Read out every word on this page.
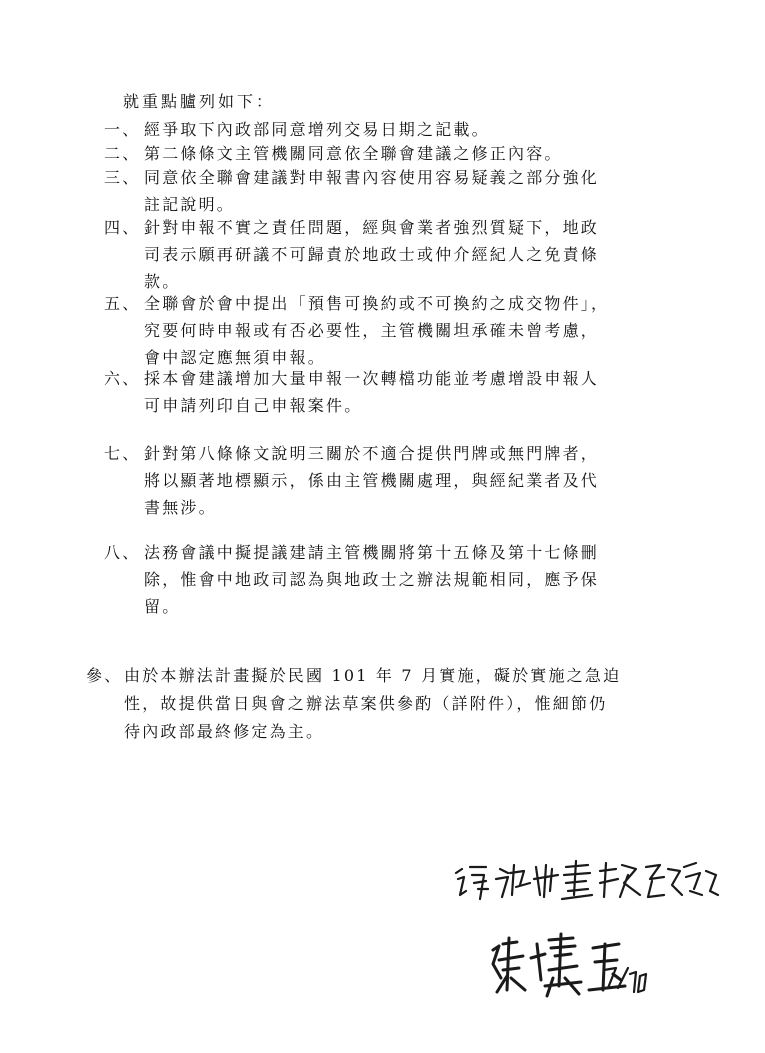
就重點臚列如下：
一、 經爭取下內政部同意增列交易日期之記載。
二、 第二條條文主管機關同意依全聯會建議之修正內容。
三、 同意依全聯會建議對申報書內容使用容易疑義之部分強化
註記說明。
四、 針對申報不實之責任問題，經與會業者強烈質疑下，地政
司表示願再研議不可歸責於地政士或仲介經紀人之免責條
款。
五、 全聯會於會中提出「預售可換約或不可換約之成交物件」，
究要何時申報或有否必要性，主管機關坦承確未曾考慮，
會中認定應無須申報。
六、 採本會建議增加大量申報一次轉檔功能並考慮增設申報人
可申請列印自己申報案件。
七、 針對第八條條文說明三關於不適合提供門牌或無門牌者，
將以顯著地標顯示，係由主管機關處理，與經紀業者及代
書無涉。
八、 法務會議中擬提議建請主管機關將第十五條及第十七條刪
除，惟會中地政司認為與地政士之辦法規範相同，應予保
留。
參、 由於本辦法計畫擬於民國 101 年 7 月實施，礙於實施之急迫
性，故提供當日與會之辦法草案供參酌（詳附件），惟細節仍
待內政部最終修定為主。
